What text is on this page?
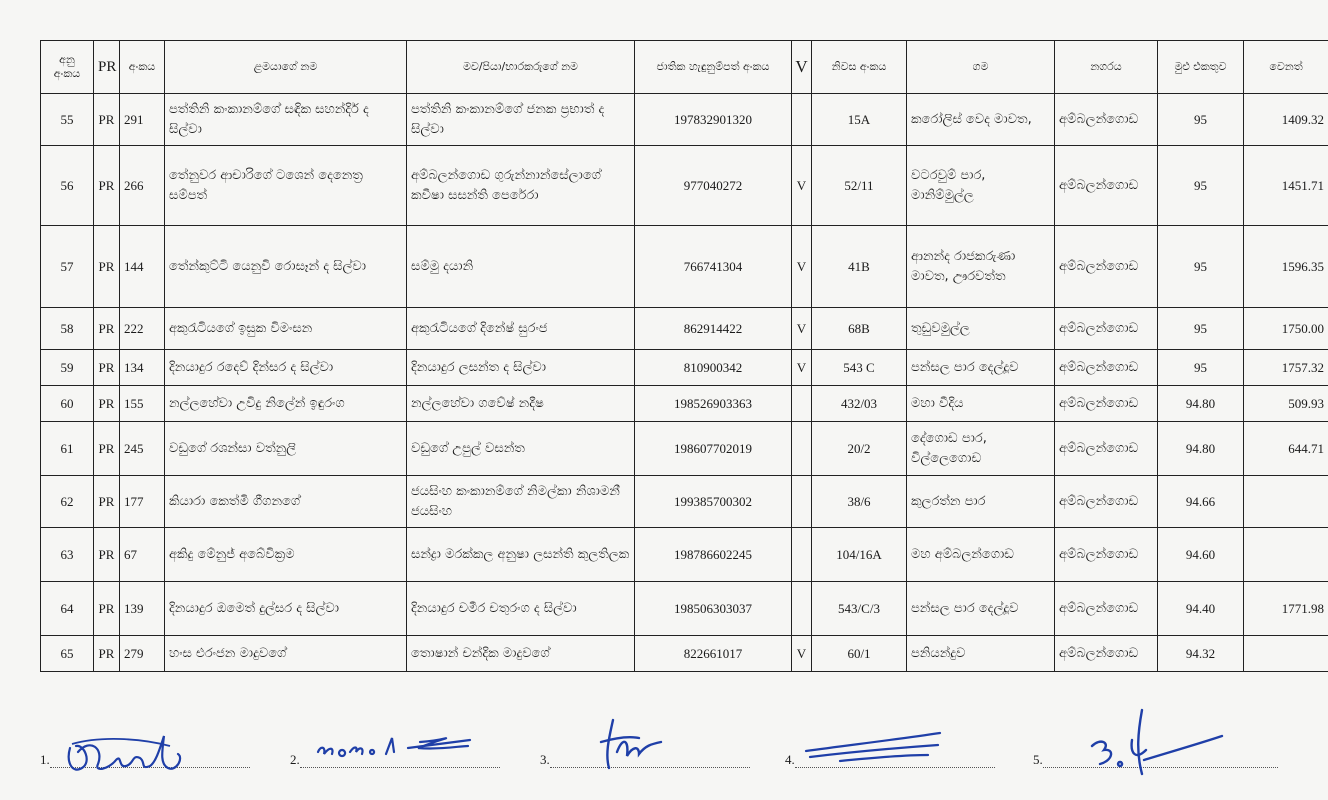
අනු අංකය	PR	අංකය	ළමයාගේ නම	මව/පියා/භාරකරුගේ නම	ජාතික හැඳුනුම්පත් අංකය	V	නිවස අංකය	ගම	නගරය	මුළු එකතුව	වෙනත්
55	PR	291	පත්තිනි කංකානම්ගේ සඳික සහන්දිර් ද සිල්වා	පත්තිනි කංකානම්ගේ ජනක ප්‍රභාත් ද සිල්වා	197832901320		15A	කරෝලිස් වෙද මාවත,	අම්බලන්ගොඩ	95	1409.32
56	PR	266	තේනුවර ආචාරිගේ ටශෙන් දෙනෙත්‍ර සම්පත්	අම්බලන්ගොඩ ගුරුන්නාන්සේලාගේ කවීෂා සසන්ති පෙරේරා	977040272	V	52/11	වටරවුම් පාර, මානිම්මුල්ල	අම්බලන්ගොඩ	95	1451.71
57	PR	144	තේන්කුට්ටි යෙනුවි රොසෑන් ද සිල්වා	සම්මු දයානි	766741304	V	41B	ආනන්ද රාජකරුණා මාවත, ඌරවත්ත	අම්බලන්ගොඩ	95	1596.35
58	PR	222	අකුරැටියගේ ඉසුක විමංසන	අකුරැටියගේ දිනේෂ් සුරංජ	862914422	V	68B	තුඩුවමුල්ල	අම්බලන්ගොඩ	95	1750.00
59	PR	134	දිනයාදුර රදෙව් දින්සර ද සිල්වා	දිනයාදුර ලසන්ත ද සිල්වා	810900342	V	543 C	පන්සල පාර දෙල්දූව	අම්බලන්ගොඩ	95	1757.32
60	PR	155	නල්ලහේවා උවිදු නිලේන් ඉඳුරංග	නල්ලහේවා ගවේෂ් නදීෂ	198526903363		432/03	මහා වීදිය	අම්බලන්ගොඩ	94.80	509.93
61	PR	245	වඩුගේ රශන්සා වත්නුලි	වඩුගේ උපුල් වසන්ත	198607702019		20/2	දේගොඩ පාර, විල්ලෙගොඩ	අම්බලන්ගොඩ	94.80	644.71
62	PR	177	කියාරා කෙත්මි ගීගනගේ	ජයසිංහ කංකානම්ගේ නිමල්කා නිශාමනී ජයසිංහ	199385700302		38/6	කුලරත්න පාර	අම්බලන්ගොඩ	94.66	
63	PR	67	අකිදු මේනුජ් අබේවික්‍රම	සන්ද්‍රා මරක්කල අනුෂා ලසන්ති කුලතිලක	198786602245		104/16A	මහ අම්බලන්ගොඩ	අම්බලන්ගොඩ	94.60	
64	PR	139	දිනයාදුර ඔමෙත් දුල්සර ද සිල්වා	දිනයාදුර චමීර චතුරංග ද සිල්වා	198506303037		543/C/3	පන්සල පාර දෙල්දූව	අම්බලන්ගොඩ	94.40	1771.98
65	PR	279	හංස එරංජන මාදුවගේ	තොෂාන් චන්දික මාදුවගේ	822661017	V	60/1	පනියන්දුව	අම්බලන්ගොඩ	94.32	
1.	2.	3.	4.	5.
